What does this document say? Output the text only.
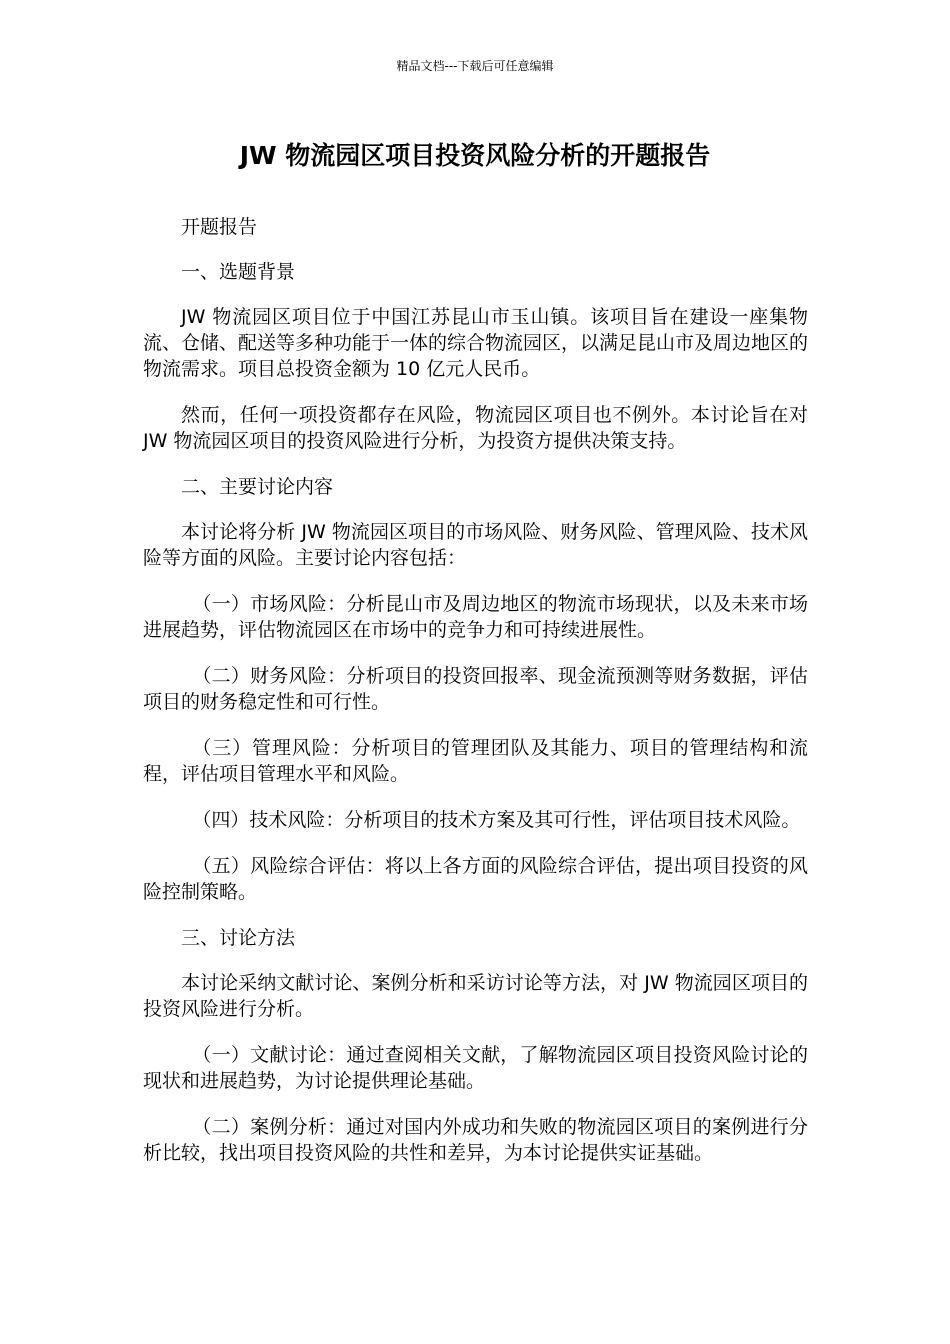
精品文档---下载后可任意编辑
JW 物流园区项目投资风险分析的开题报告

开题报告

一、选题背景

JW 物流园区项目位于中国江苏昆山市玉山镇。该项目旨在建设一座集物流、仓储、配送等多种功能于一体的综合物流园区，以满足昆山市及周边地区的物流需求。项目总投资金额为 10 亿元人民币。

然而，任何一项投资都存在风险，物流园区项目也不例外。本讨论旨在对 JW 物流园区项目的投资风险进行分析，为投资方提供决策支持。

二、主要讨论内容

本讨论将分析 JW 物流园区项目的市场风险、财务风险、管理风险、技术风险等方面的风险。主要讨论内容包括：

（一）市场风险：分析昆山市及周边地区的物流市场现状，以及未来市场进展趋势，评估物流园区在市场中的竞争力和可持续进展性。

（二）财务风险：分析项目的投资回报率、现金流预测等财务数据，评估项目的财务稳定性和可行性。

（三）管理风险：分析项目的管理团队及其能力、项目的管理结构和流程，评估项目管理水平和风险。

（四）技术风险：分析项目的技术方案及其可行性，评估项目技术风险。

（五）风险综合评估：将以上各方面的风险综合评估，提出项目投资的风险控制策略。

三、讨论方法

本讨论采纳文献讨论、案例分析和采访讨论等方法，对 JW 物流园区项目的投资风险进行分析。

（一）文献讨论：通过查阅相关文献，了解物流园区项目投资风险讨论的现状和进展趋势，为讨论提供理论基础。

（二）案例分析：通过对国内外成功和失败的物流园区项目的案例进行分析比较，找出项目投资风险的共性和差异，为本讨论提供实证基础。
